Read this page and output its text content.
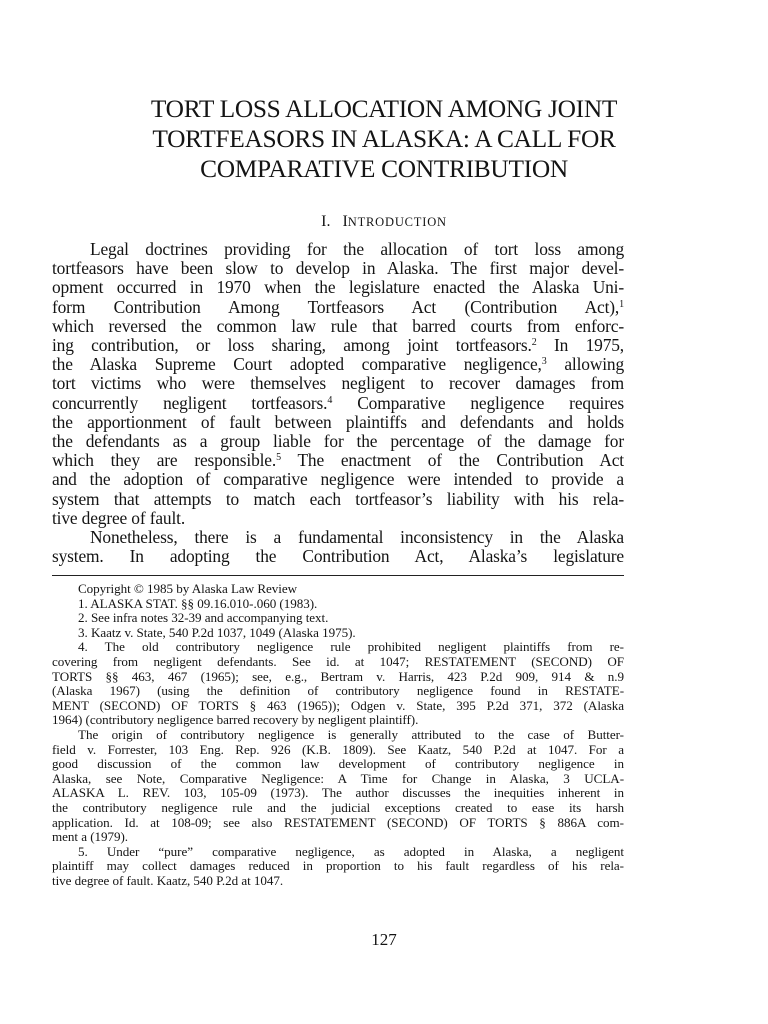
TORT LOSS ALLOCATION AMONG JOINT
TORTFEASORS IN ALASKA: A CALL FOR
COMPARATIVE CONTRIBUTION
I. INTRODUCTION
Legal doctrines providing for the allocation of tort loss among
tortfeasors have been slow to develop in Alaska. The first major devel-
opment occurred in 1970 when the legislature enacted the Alaska Uni-
form Contribution Among Tortfeasors Act (Contribution Act),$^1$
which reversed the common law rule that barred courts from enforc-
ing contribution, or loss sharing, among joint tortfeasors.$^2$ In 1975,
the Alaska Supreme Court adopted comparative negligence,$^3$ allowing
tort victims who were themselves negligent to recover damages from
concurrently negligent tortfeasors.$^4$ Comparative negligence requires
the apportionment of fault between plaintiffs and defendants and holds
the defendants as a group liable for the percentage of the damage for
which they are responsible.$^5$ The enactment of the Contribution Act
and the adoption of comparative negligence were intended to provide a
system that attempts to match each tortfeasor’s liability with his rela-
tive degree of fault.
Nonetheless, there is a fundamental inconsistency in the Alaska
system. In adopting the Contribution Act, Alaska’s legislature
Copyright © 1985 by Alaska Law Review
1. ALASKA STAT. §§ 09.16.010-.060 (1983).
2. See infra notes 32-39 and accompanying text.
3. Kaatz v. State, 540 P.2d 1037, 1049 (Alaska 1975).
4. The old contributory negligence rule prohibited negligent plaintiffs from re-
covering from negligent defendants. See id. at 1047; RESTATEMENT (SECOND) OF
TORTS §§ 463, 467 (1965); see, e.g., Bertram v. Harris, 423 P.2d 909, 914 & n.9
(Alaska 1967) (using the definition of contributory negligence found in RESTATE-
MENT (SECOND) OF TORTS § 463 (1965)); Odgen v. State, 395 P.2d 371, 372 (Alaska
1964) (contributory negligence barred recovery by negligent plaintiff).
The origin of contributory negligence is generally attributed to the case of Butter-
field v. Forrester, 103 Eng. Rep. 926 (K.B. 1809). See Kaatz, 540 P.2d at 1047. For a
good discussion of the common law development of contributory negligence in
Alaska, see Note, Comparative Negligence: A Time for Change in Alaska, 3 UCLA-
ALASKA L. REV. 103, 105-09 (1973). The author discusses the inequities inherent in
the contributory negligence rule and the judicial exceptions created to ease its harsh
application. Id. at 108-09; see also RESTATEMENT (SECOND) OF TORTS § 886A com-
ment a (1979).
5. Under “pure” comparative negligence, as adopted in Alaska, a negligent
plaintiff may collect damages reduced in proportion to his fault regardless of his rela-
tive degree of fault. Kaatz, 540 P.2d at 1047.

127
